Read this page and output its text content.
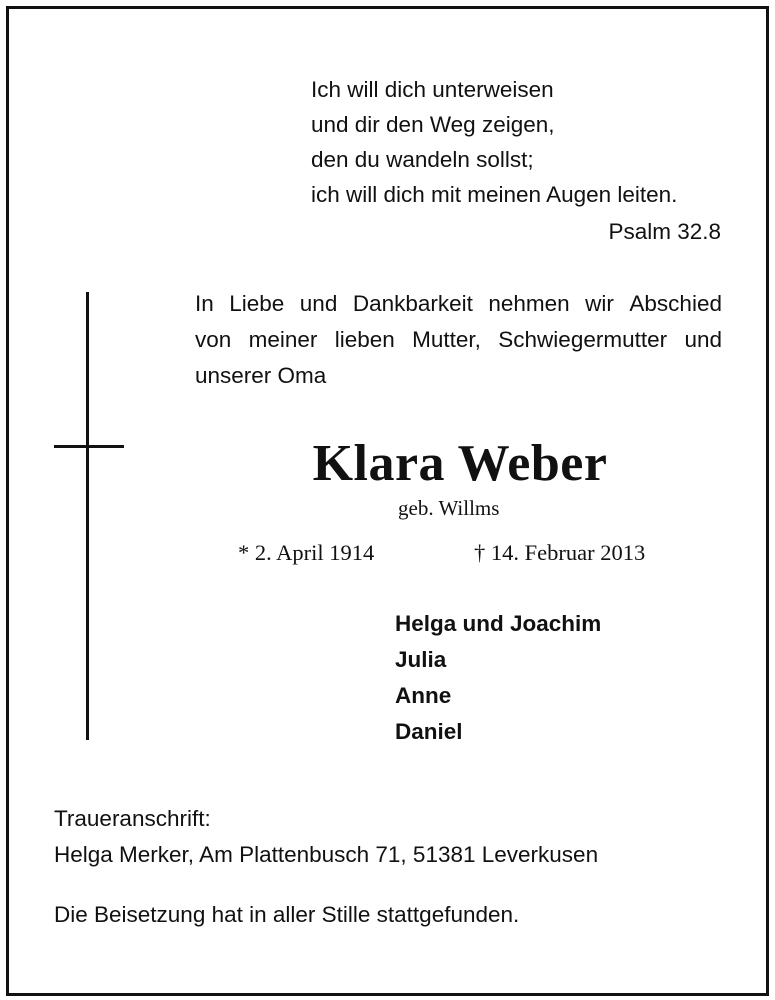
Ich will dich unterweisen
und dir den Weg zeigen,
den du wandeln sollst;
ich will dich mit meinen Augen leiten.
Psalm 32.8
In Liebe und Dankbarkeit nehmen wir Abschied
von meiner lieben Mutter, Schwiegermutter und
unserer Oma
Klara Weber
geb. Willms
* 2. April 1914	† 14. Februar 2013
Helga und Joachim
Julia
Anne
Daniel
Traueranschrift:
Helga Merker, Am Plattenbusch 71, 51381 Leverkusen
Die Beisetzung hat in aller Stille stattgefunden.
